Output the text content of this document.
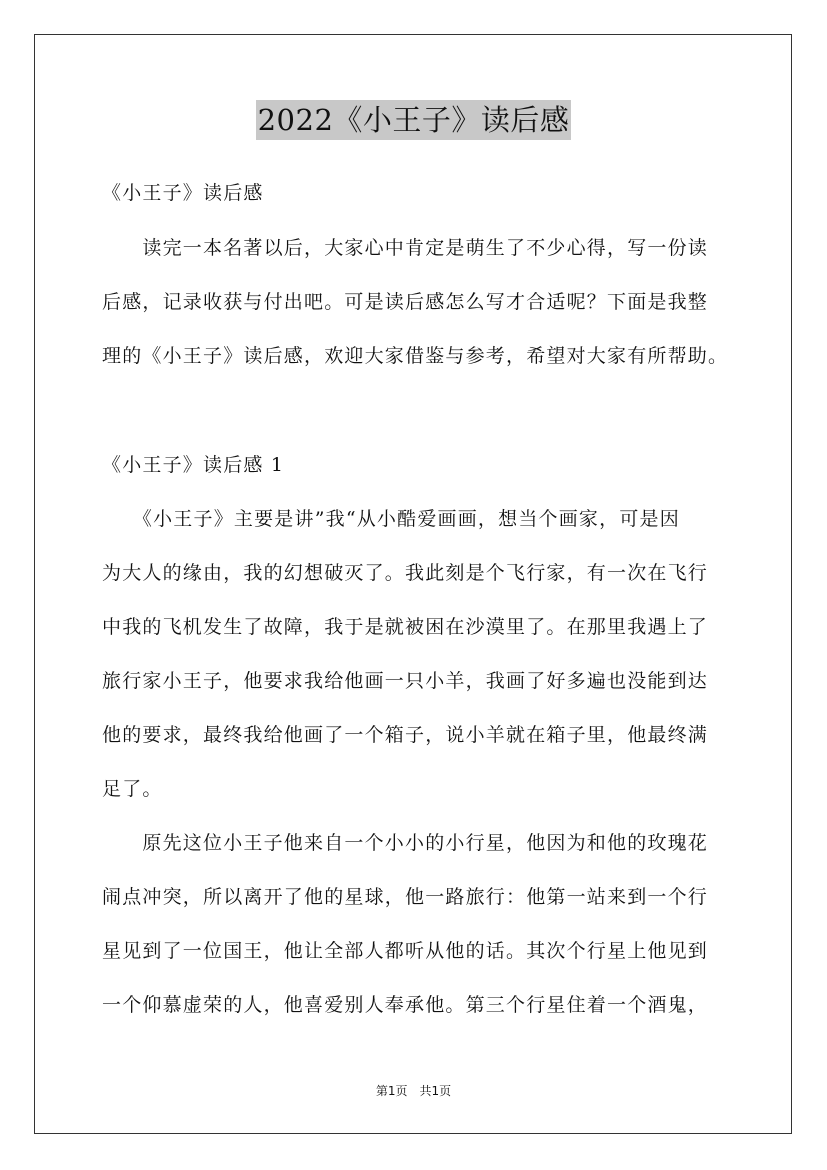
2022《小王子》读后感
《小王子》读后感
　　读完一本名著以后，大家心中肯定是萌生了不少心得，写一份读
后感，记录收获与付出吧。可是读后感怎么写才合适呢？下面是我整
理的《小王子》读后感，欢迎大家借鉴与参考，希望对大家有所帮助。
《小王子》读后感 1
　　《小王子》主要是讲”我“从小酷爱画画，想当个画家，可是因
为大人的缘由，我的幻想破灭了。我此刻是个飞行家，有一次在飞行
中我的飞机发生了故障，我于是就被困在沙漠里了。在那里我遇上了
旅行家小王子，他要求我给他画一只小羊，我画了好多遍也没能到达
他的要求，最终我给他画了一个箱子，说小羊就在箱子里，他最终满
足了。
　　原先这位小王子他来自一个小小的小行星，他因为和他的玫瑰花
闹点冲突，所以离开了他的星球，他一路旅行：他第一站来到一个行
星见到了一位国王，他让全部人都听从他的话。其次个行星上他见到
一个仰慕虚荣的人，他喜爱别人奉承他。第三个行星住着一个酒鬼，
第1页　共1页
